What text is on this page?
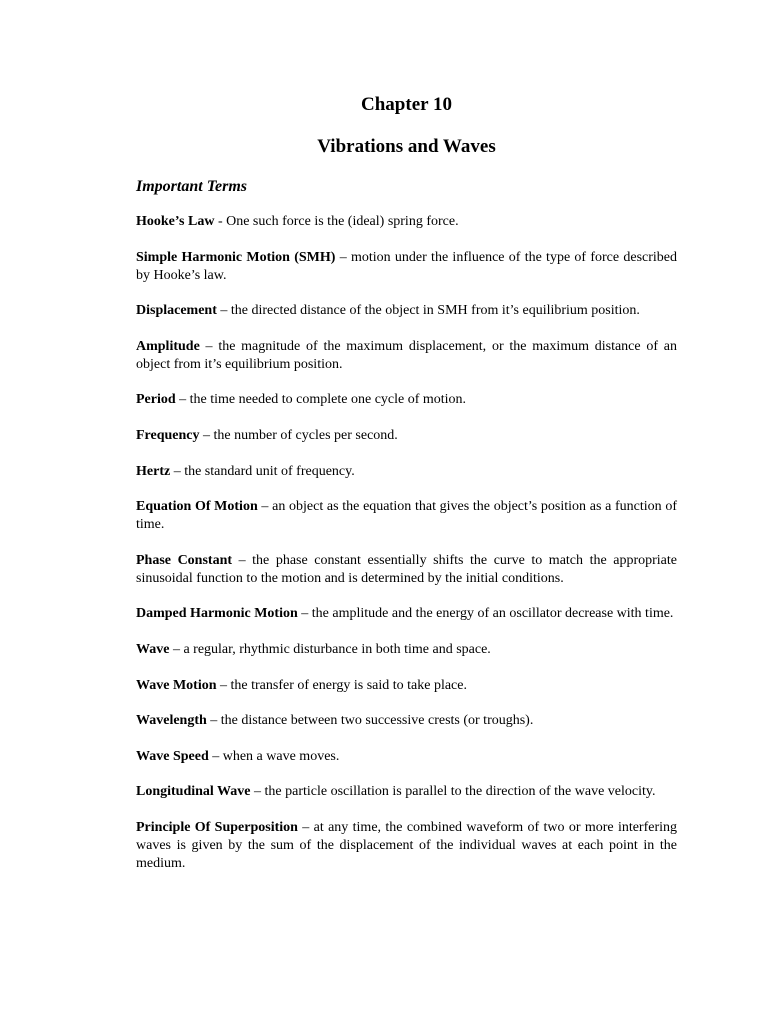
Chapter 10
Vibrations and Waves
Important Terms

Hooke’s Law - One such force is the (ideal) spring force.

Simple Harmonic Motion (SMH) – motion under the influence of the type of force described by Hooke’s law.

Displacement – the directed distance of the object in SMH from it’s equilibrium position.

Amplitude – the magnitude of the maximum displacement, or the maximum distance of an object from it’s equilibrium position.

Period – the time needed to complete one cycle of motion.

Frequency – the number of cycles per second.

Hertz – the standard unit of frequency.

Equation Of Motion – an object as the equation that gives the object’s position as a function of time.

Phase Constant – the phase constant essentially shifts the curve to match the appropriate sinusoidal function to the motion and is determined by the initial conditions.

Damped Harmonic Motion – the amplitude and the energy of an oscillator decrease with time.

Wave – a regular, rhythmic disturbance in both time and space.

Wave Motion – the transfer of energy is said to take place.

Wavelength – the distance between two successive crests (or troughs).

Wave Speed – when a wave moves.

Longitudinal Wave – the particle oscillation is parallel to the direction of the wave velocity.

Principle Of Superposition – at any time, the combined waveform of two or more interfering waves is given by the sum of the displacement of the individual waves at each point in the medium.
